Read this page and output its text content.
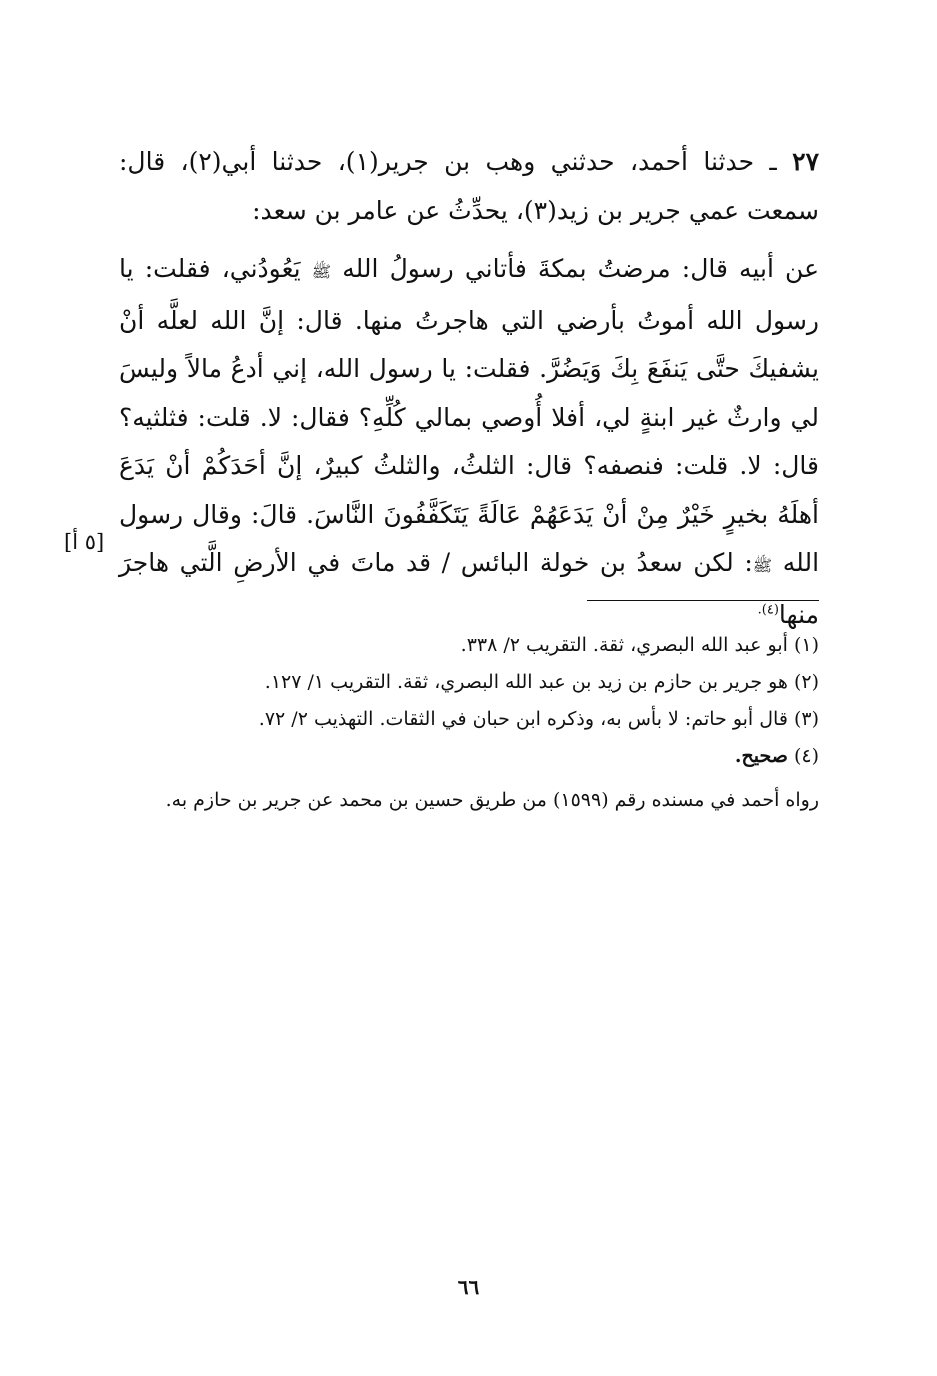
٢٧ ـ حدثنا أحمد، حدثني وهب بن جرير(١)، حدثنا أبي(٢)، قال: سمعت عمي جرير بن زيد(٣)، يحدِّثُ عن عامر بن سعد:

عن أبيه قال: مرضتُ بمكةَ فأتاني رسولُ الله ﷺ يَعُودُني، فقلت: يا رسول الله أموتُ بأرضي التي هاجرتُ منها. قال: إنَّ الله لعلَّه أنْ يشفيكَ حتَّى يَنفَعَ بِكَ وَيَضُرَّ. فقلت: يا رسول الله، إني أدعُ مالاً وليسَ لي وارثٌ غير ابنةٍ لي، أفلا أُوصي بمالي كُلِّهِ؟ فقال: لا. قلت: فثلثيه؟ قال: لا. قلت: فنصفه؟ قال: الثلثُ، والثلثُ كبيرٌ، إنَّ أحَدَكُمْ أنْ يَدَعَ أهلَهُ بخيرٍ خَيْرٌ مِنْ أنْ يَدَعَهُمْ عَالَةً يَتَكَفَّفُونَ النَّاسَ. قالَ: وقال رسول الله ﷺ: لكن سعدُ بن خولة البائس / قد ماتَ في الأرضِ الَّتي هاجرَ منها$^{(٤).}$

[٥ أ]

(١)أبو عبد الله البصري، ثقة. التقريب ٢/ ٣٣٨.

(٢)هو جرير بن حازم بن زيد بن عبد الله البصري، ثقة. التقريب ١/ ١٢٧.

(٣)قال أبو حاتم: لا بأس به، وذكره ابن حبان في الثقات. التهذيب ٢/ ٧٢.

(٤)صحيح.

رواه أحمد في مسنده رقم (١٥٩٩) من طريق حسين بن محمد عن جرير بن حازم به.

٦٦
